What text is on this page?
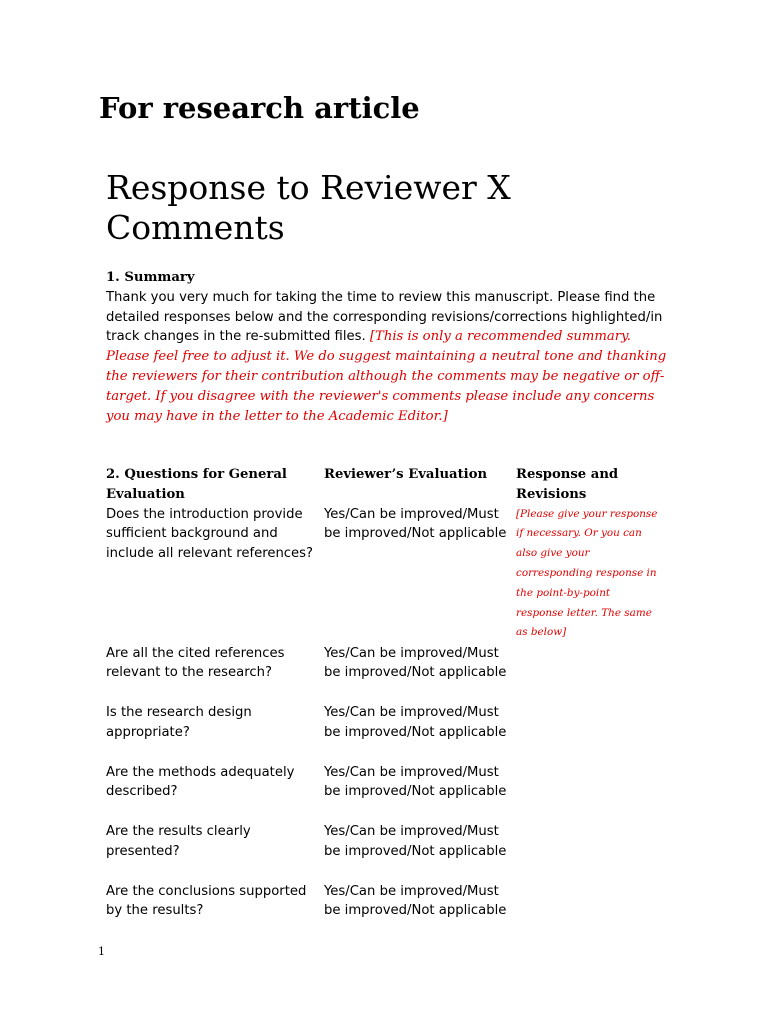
For research article
Response to Reviewer X Comments

1. Summary

Thank you very much for taking the time to review this manuscript. Please find the detailed responses below and the corresponding revisions/corrections highlighted/in track changes in the re-submitted files. [This is only a recommended summary. Please feel free to adjust it. We do suggest maintaining a neutral tone and thanking the reviewers for their contribution although the comments may be negative or off-target. If you disagree with the reviewer's comments please include any concerns you may have in the letter to the Academic Editor.]

2. Questions for General Evaluation
Reviewer’s Evaluation	Response and Revisions
Does the introduction provide sufficient background and include all relevant references?
Yes/Can be improved/Must be improved/Not applicable
[Please give your response if necessary. Or you can also give your corresponding response in the point-by-point response letter. The same as below]
Are all the cited references relevant to the research?
Yes/Can be improved/Must be improved/Not applicable
Is the research design appropriate?
Yes/Can be improved/Must be improved/Not applicable
Are the methods adequately described?
Yes/Can be improved/Must be improved/Not applicable
Are the results clearly presented?
Yes/Can be improved/Must be improved/Not applicable
Are the conclusions supported by the results?
Yes/Can be improved/Must be improved/Not applicable
1
